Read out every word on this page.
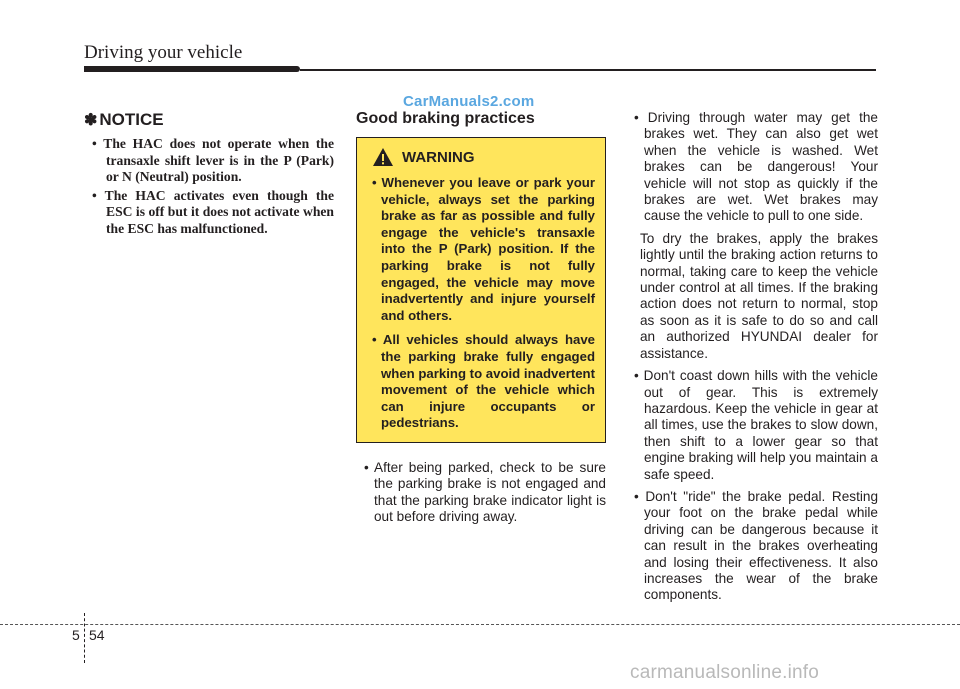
Driving your vehicle
CarManuals2.com
✽ NOTICE
• The HAC does not operate when the transaxle shift lever is in the P (Park) or N (Neutral) position.
• The HAC activates even though the ESC is off but it does not activate when the ESC has malfunctioned.
Good braking practices
WARNING
• Whenever you leave or park your vehicle, always set the parking brake as far as possible and fully engage the vehicle's transaxle into the P (Park) position. If the parking brake is not fully engaged, the vehicle may move inadvertently and injure yourself and others.
• All vehicles should always have the parking brake fully engaged when parking to avoid inadvertent movement of the vehicle which can injure occupants or pedestrians.
• After being parked, check to be sure the parking brake is not engaged and that the parking brake indicator light is out before driving away.
• Driving through water may get the brakes wet. They can also get wet when the vehicle is washed. Wet brakes can be dangerous! Your vehicle will not stop as quickly if the brakes are wet. Wet brakes may cause the vehicle to pull to one side.

To dry the brakes, apply the brakes lightly until the braking action returns to normal, taking care to keep the vehicle under control at all times. If the braking action does not return to normal, stop as soon as it is safe to do so and call an authorized HYUNDAI dealer for assistance.

• Don't coast down hills with the vehicle out of gear. This is extremely hazardous. Keep the vehicle in gear at all times, use the brakes to slow down, then shift to a lower gear so that engine braking will help you maintain a safe speed.
• Don't "ride" the brake pedal. Resting your foot on the brake pedal while driving can be dangerous because it can result in the brakes overheating and losing their effectiveness. It also increases the wear of the brake components.
5 54
carmanualsonline.info
